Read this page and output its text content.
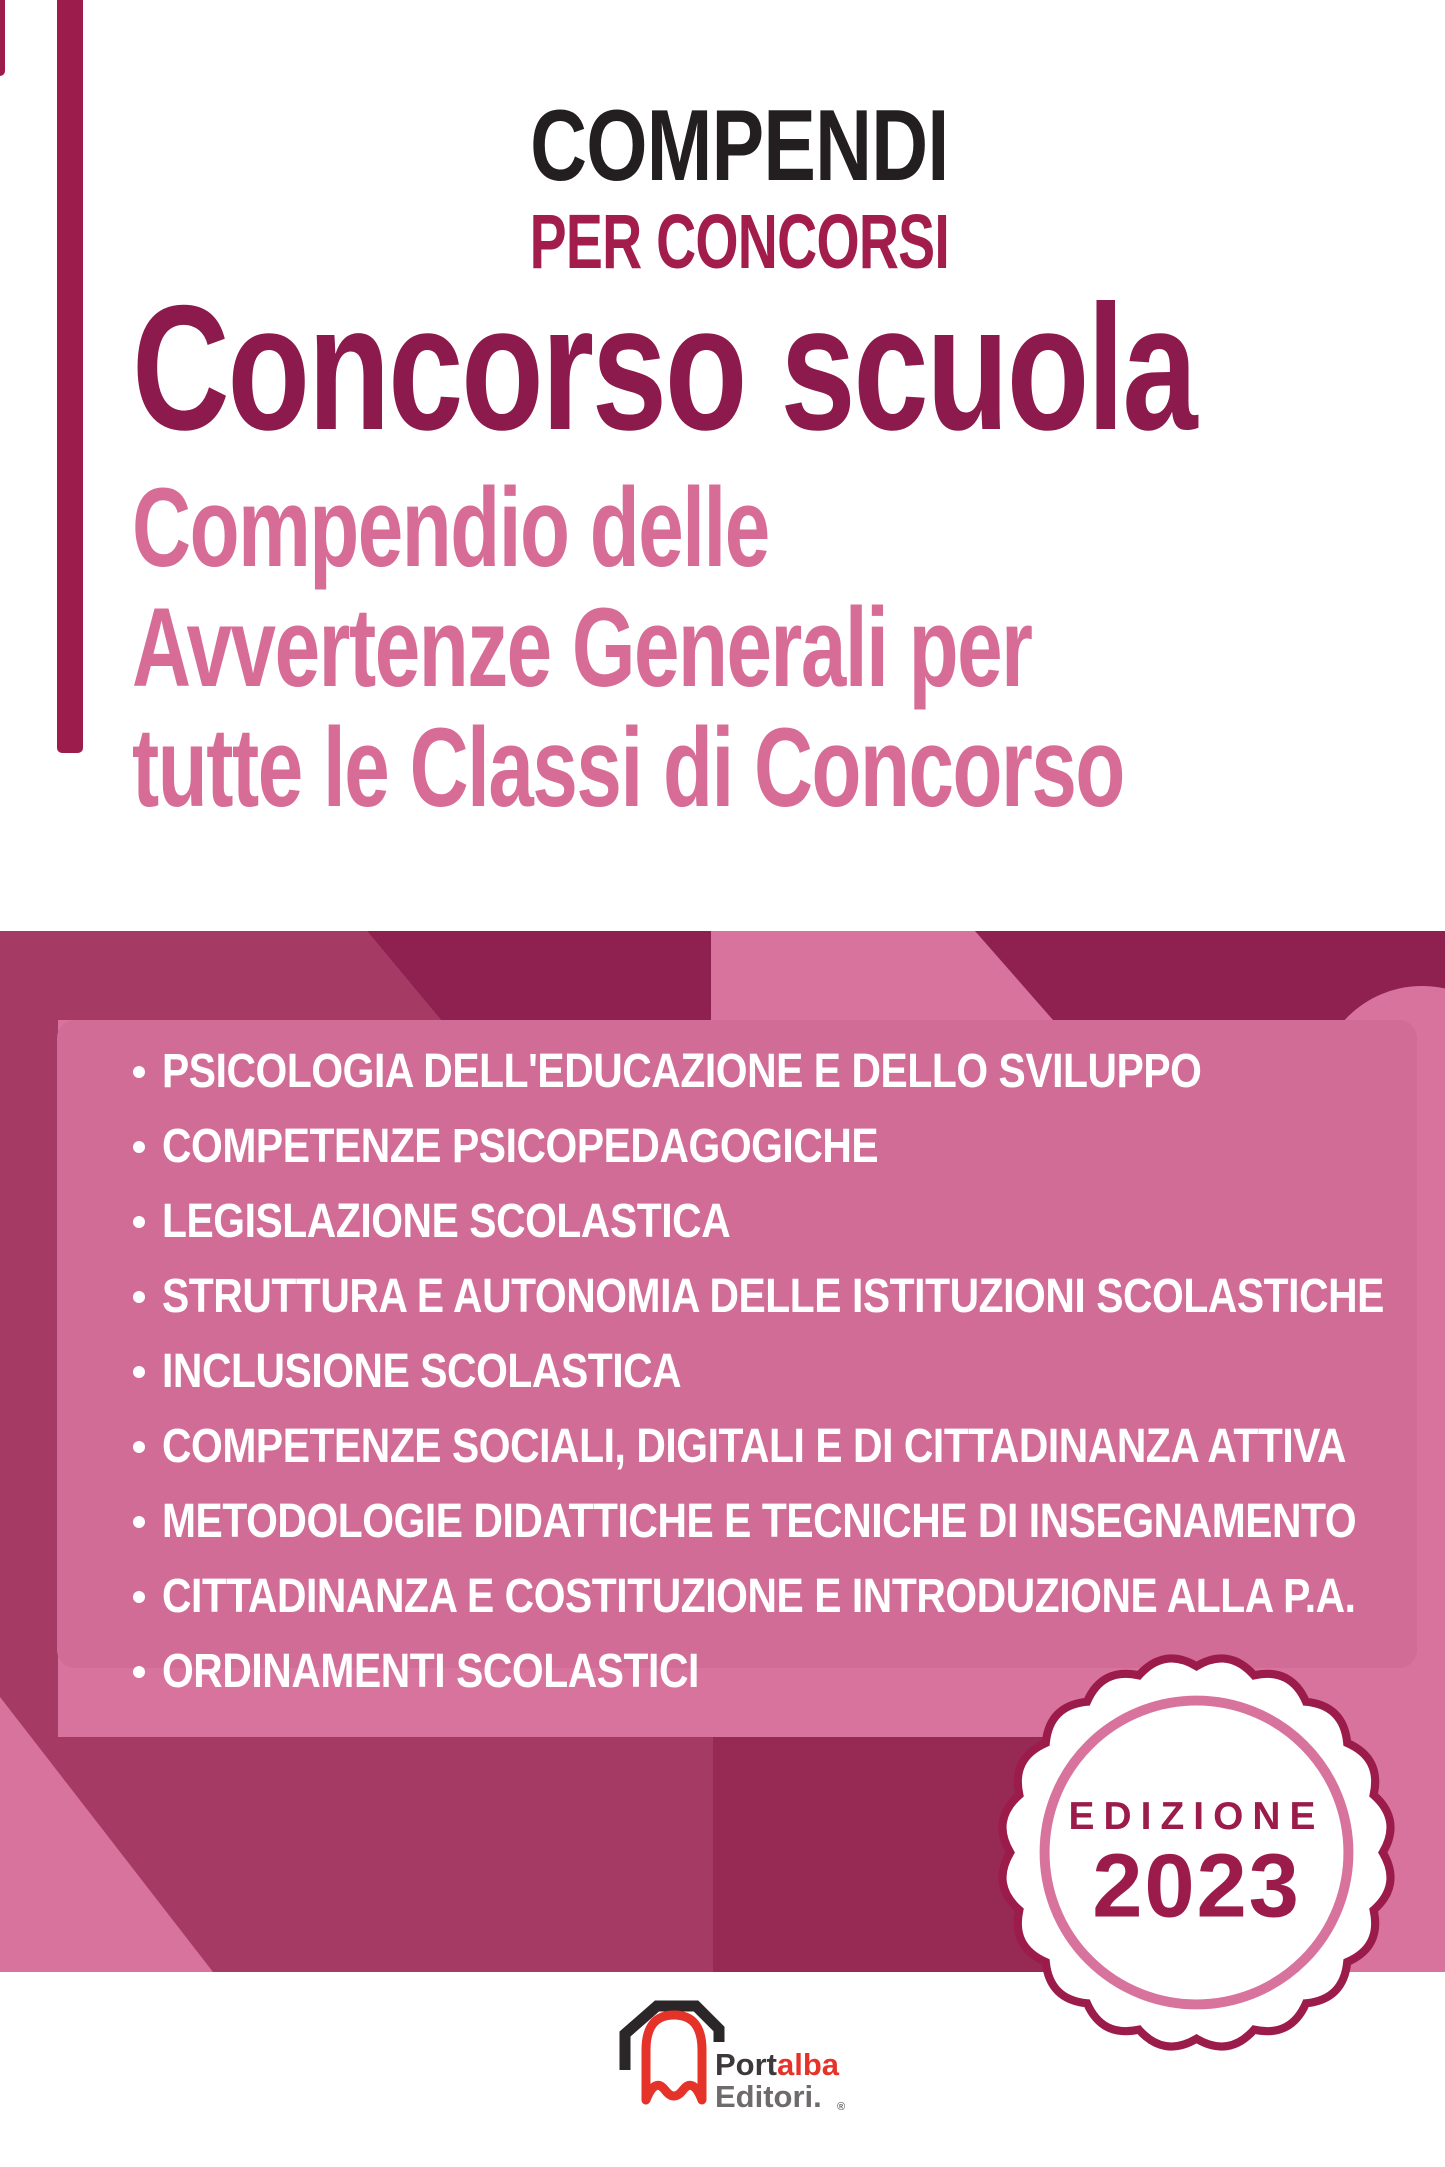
COMPENDI
PER CONCORSI
Concorso scuola
Compendio delle
Avvertenze Generali per
tutte le Classi di Concorso
PSICOLOGIA DELL'EDUCAZIONE E DELLO SVILUPPO
COMPETENZE PSICOPEDAGOGICHE
LEGISLAZIONE SCOLASTICA
STRUTTURA E AUTONOMIA DELLE ISTITUZIONI SCOLASTICHE
INCLUSIONE SCOLASTICA
COMPETENZE SOCIALI, DIGITALI E DI CITTADINANZA ATTIVA
METODOLOGIE DIDATTICHE E TECNICHE DI INSEGNAMENTO
CITTADINANZA E COSTITUZIONE E INTRODUZIONE ALLA P.A.
ORDINAMENTI SCOLASTICI
EDIZIONE
2023
Portalba
Editori. ®
